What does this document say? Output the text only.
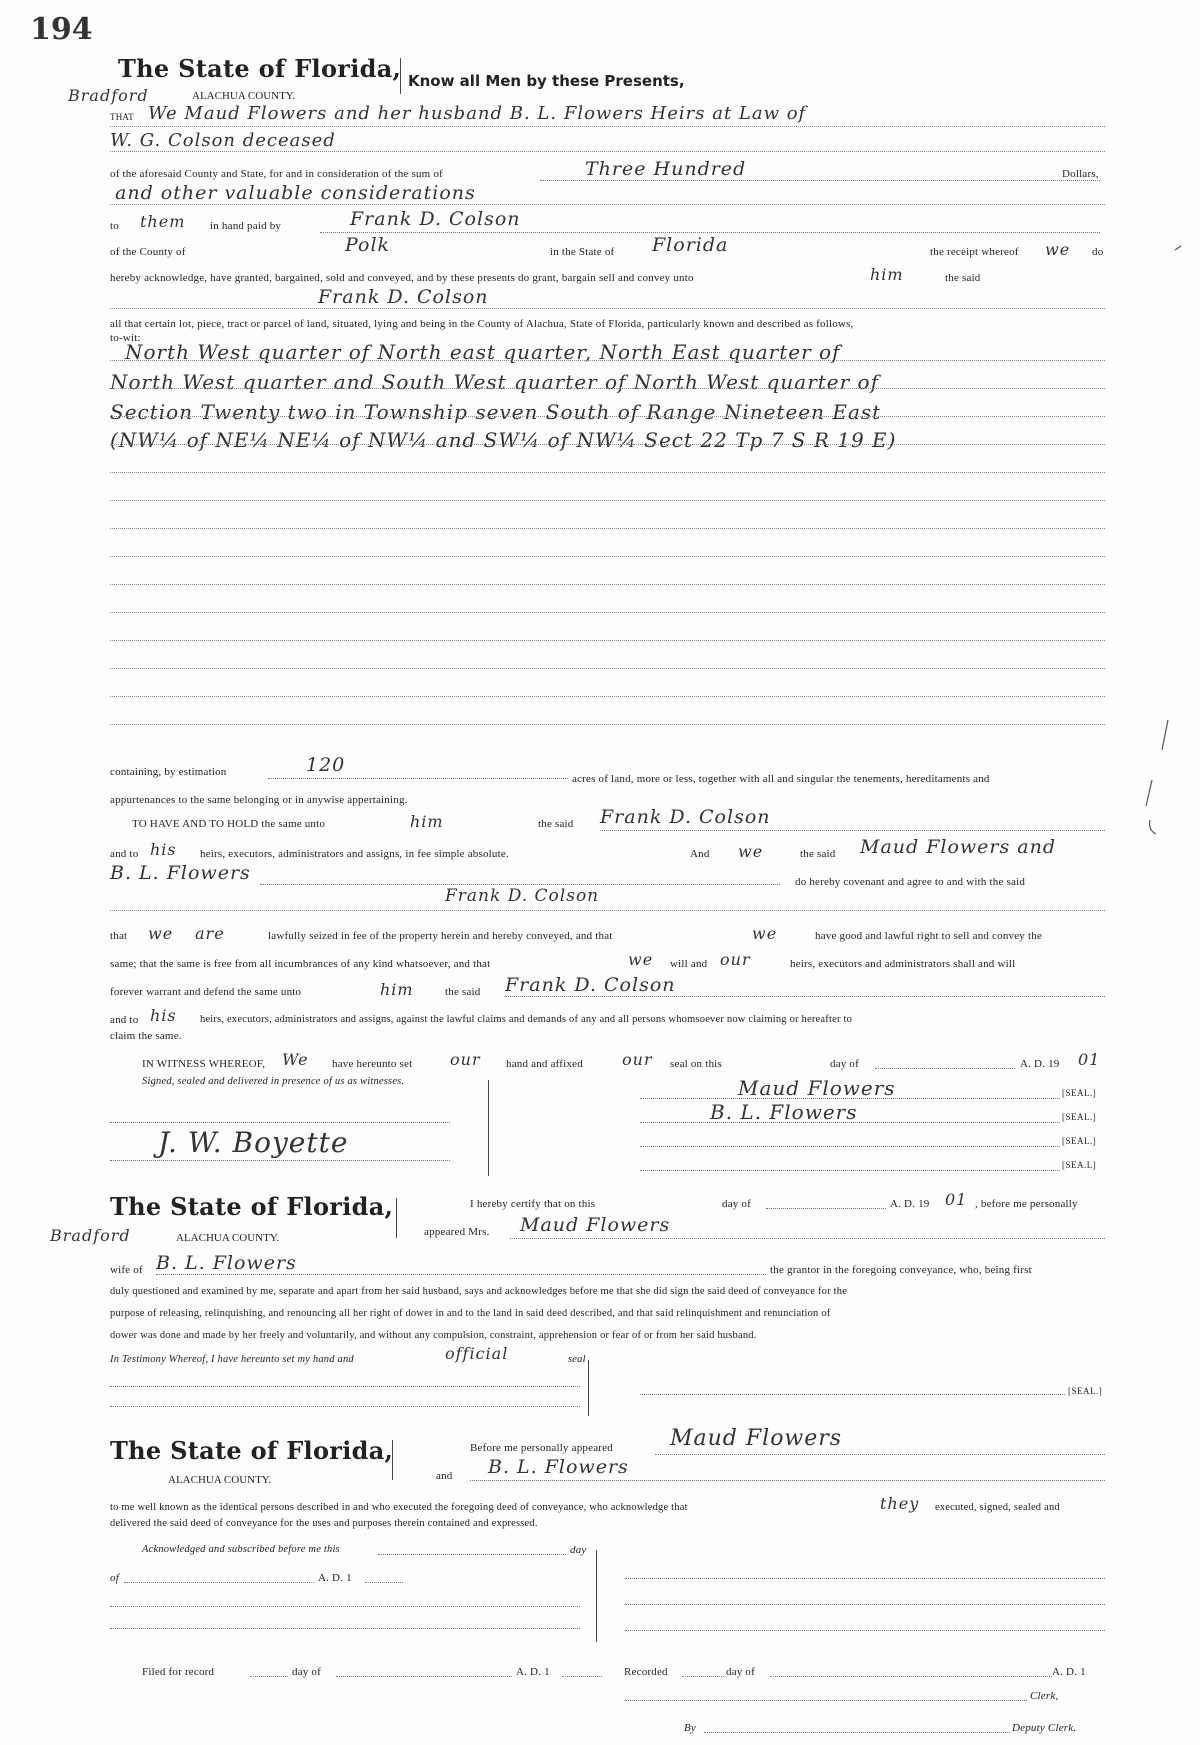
194
The State of Florida, Know all Men by these Presents,
Bradford	ALACHUA COUNTY.
THAT We Maud Flowers and her husband B. L. Flowers Heirs at Law of
W. G. Colson deceased
of the aforesaid County and State, for and in consideration of the sum of	Three Hundred	Dollars,
and other valuable considerations
to them in hand paid by	Frank D. Colson
of the County of	Polk	in the State of Florida	the receipt whereof we do
hereby acknowledge, have granted, bargained, sold and conveyed, and by these presents do grant, bargain sell and convey unto	him	the said
Frank D. Colson
all that certain lot, piece, tract or parcel of land, situated, lying and being in the County of Alachua, State of Florida, particularly known and described as follows,
to-wit:
North West quarter of North east quarter, North East quarter of
North West quarter and South West quarter of North West quarter of
Section Twenty two in Township seven South of Range Nineteen East
(NW¼ of NE¼ NE¼ of NW¼ and SW¼ of NW¼ Sect 22 Tp 7 S R 19 E)
containing, by estimation	120
acres of land, more or less, together with all and singular the tenements, hereditaments and
appurtenances to the same belonging or in anywise appertaining.
TO HAVE AND TO HOLD the same unto	him	the said Frank D. Colson
and to his heirs, executors, administrators and assigns, in fee simple absolute.	And we	the said Maud Flowers and
B. L. Flowers	do hereby covenant and agree to and with the said
Frank D. Colson
that we are	lawfully seized in fee of the property herein and hereby conveyed, and that	we	have good and lawful right to sell and convey the
same; that the same is free from all incumbrances of any kind whatsoever, and that	we will and our	heirs, executors and administrators shall and will
forever warrant and defend the same unto	him	the said Frank D. Colson
and to his heirs, executors, administrators and assigns, against the lawful claims and demands of any and all persons whomsoever now claiming or hereafter to
claim the same.
IN WITNESS WHEREOF, We have hereunto set our hand and affixed our seal on this	day of	A. D. 19 01
Signed, sealed and delivered in presence of us as witnesses.
J. W. Boyette
Maud Flowers	[SEAL.]
B. L. Flowers	[SEAL.]
[SEAL.]
[SEA.L]
The State of Florida,
Bradford	ALACHUA COUNTY.
I hereby certify that on this	day of	A. D. 19 01 , before me personally
appeared Mrs. Maud Flowers
wife of B. L. Flowers	the grantor in the foregoing conveyance, who, being first
duly questioned and examined by me, separate and apart from her said husband, says and acknowledges before me that she did sign the said deed of conveyance for the
purpose of releasing, relinquishing, and renouncing all her right of dower in and to the land in said deed described, and that said relinquishment and renunciation of
dower was done and made by her freely and voluntarily, and without any compulsion, constraint, apprehension or fear of or from her said husband.
In Testimony Whereof, I have hereunto set my hand and	official	seal
[SEAL.]
The State of Florida,
ALACHUA COUNTY.
Before me personally appeared	Maud Flowers
and B. L. Flowers
to me well known as the identical persons described in and who executed the foregoing deed of conveyance, who acknowledge that	they executed, signed, sealed and
delivered the said deed of conveyance for the uses and purposes therein contained and expressed.
Acknowledged and subscribed before me this	day
of	A. D. 1
Filed for record	day of	A. D. 1	Recorded	day of	A. D. 1
Clerk,
By	Deputy Clerk.
